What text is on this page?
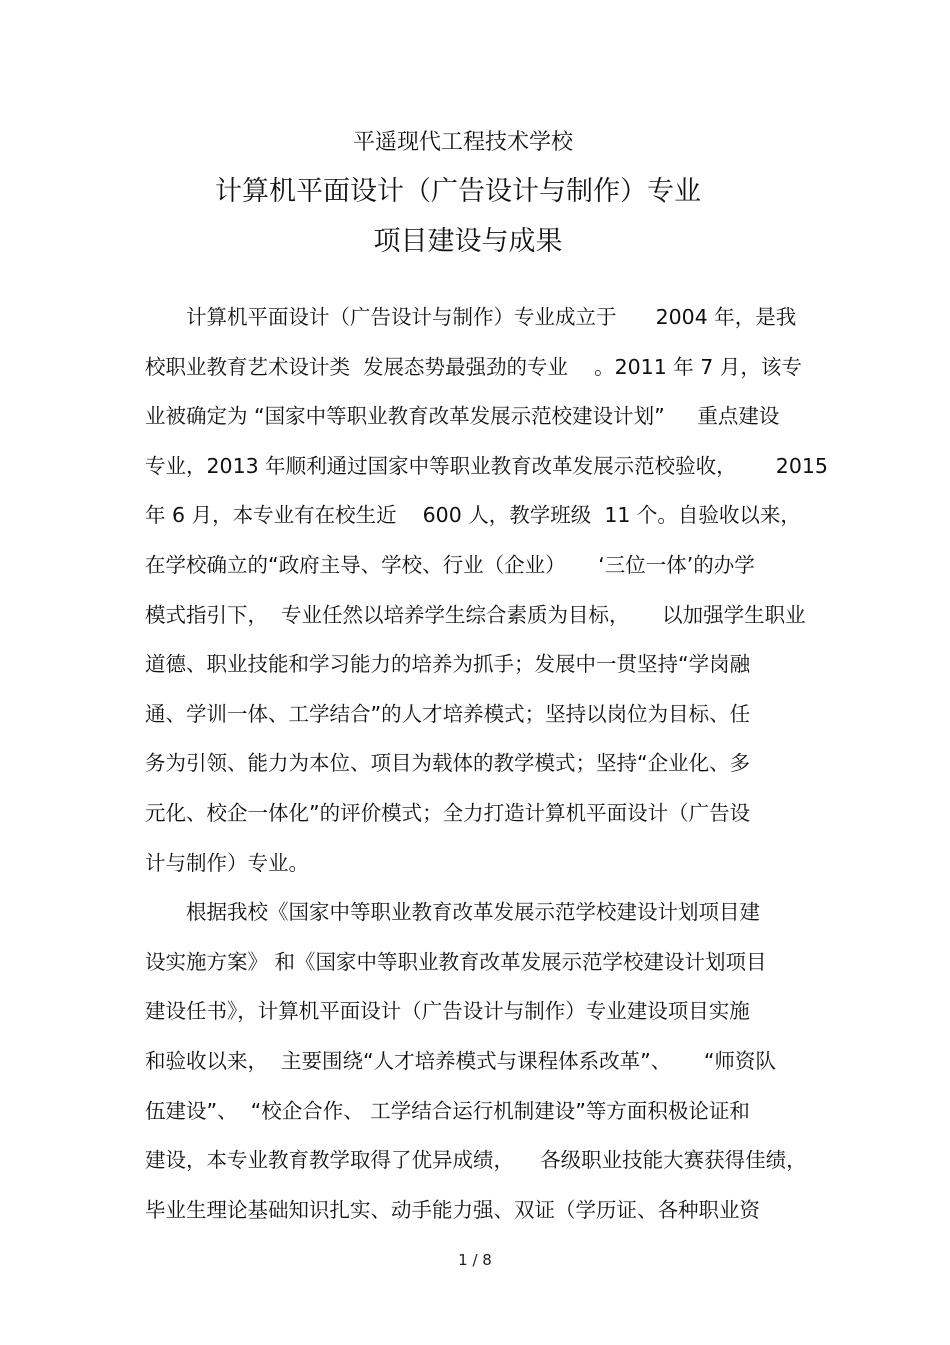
平遥现代工程技术学校
计算机平面设计（广告设计与制作）专业
项目建设与成果
计算机平面设计（广告设计与制作）专业成立于      2004 年，是我
校职业教育艺术设计类  发展态势最强劲的专业    。2011 年 7 月，该专
业被确定为 “国家中等职业教育改革发展示范校建设计划”     重点建设
专业，2013 年顺利通过国家中等职业教育改革发展示范校验收，      2015
年 6 月，本专业有在校生近    600 人，教学班级  11 个。自验收以来，
在学校确立的“政府主导、学校、行业（企业）     ‘三位一体’的办学
模式指引下，  专业任然以培养学生综合素质为目标，     以加强学生职业
道德、职业技能和学习能力的培养为抓手；发展中一贯坚持“学岗融
通、学训一体、工学结合”的人才培养模式；坚持以岗位为目标、任
务为引领、能力为本位、项目为载体的教学模式；坚持“企业化、多
元化、校企一体化”的评价模式；全力打造计算机平面设计（广告设
计与制作）专业。
根据我校《国家中等职业教育改革发展示范学校建设计划项目建
设实施方案》 和《国家中等职业教育改革发展示范学校建设计划项目
建设任书》，计算机平面设计（广告设计与制作）专业建设项目实施
和验收以来，  主要围绕“人才培养模式与课程体系改革”、     “师资队
伍建设”、  “校企合作、 工学结合运行机制建设”等方面积极论证和
建设，本专业教育教学取得了优异成绩，    各级职业技能大赛获得佳绩，
毕业生理论基础知识扎实、动手能力强、双证（学历证、各种职业资
1 / 8
